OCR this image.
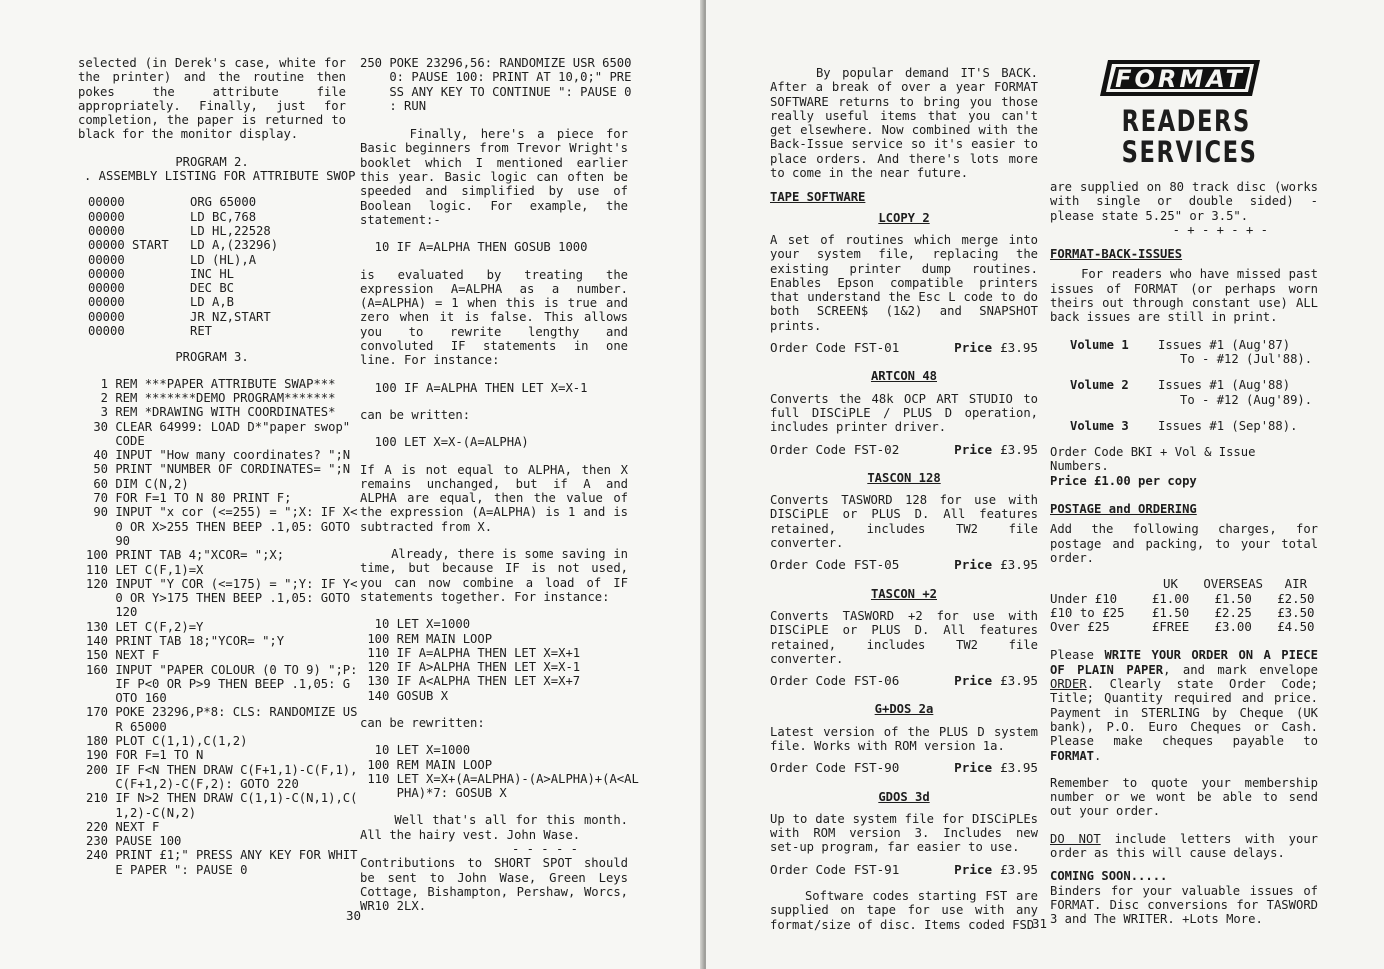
selected (in Derek's case, white for the printer) and the routine then pokes the attribute file appropriately. Finally, just for completion, the paper is returned to black for the monitor display.

PROGRAM 2.
. ASSEMBLY LISTING FOR ATTRIBUTE SWOP
00000	ORG 65000
00000	LD BC,768
00000	LD HL,22528
00000 START	LD A,(23296)
00000	LD (HL),A
00000	INC HL
00000	DEC BC
00000	LD A,B
00000	JR NZ,START
00000	RET
PROGRAM 3.
1 REM ***PAPER ATTRIBUTE SWAP***
2 REM *******DEMO PROGRAM*******
3 REM *DRAWING WITH COORDINATES*
30 CLEAR 64999: LOAD D*"paper swop"
CODE
40 INPUT "How many coordinates? ";N
50 PRINT "NUMBER OF CORDINATES= ";N
60 DIM C(N,2)
70 FOR F=1 TO N 80 PRINT F;
90 INPUT "x cor (<=255) = ";X: IF X<
0 OR X>255 THEN BEEP .1,05: GOTO
90
100 PRINT TAB 4;"XCOR= ";X;
110 LET C(F,1)=X
120 INPUT "Y COR (<=175) = ";Y: IF Y<
0 OR Y>175 THEN BEEP .1,05: GOTO
120
130 LET C(F,2)=Y
140 PRINT TAB 18;"YCOR= ";Y
150 NEXT F
160 INPUT "PAPER COLOUR (0 TO 9) ";P:
IF P<0 OR P>9 THEN BEEP .1,05: G
OTO 160
170 POKE 23296,P*8: CLS: RANDOMIZE US
R 65000
180 PLOT C(1,1),C(1,2)
190 FOR F=1 TO N
200 IF F<N THEN DRAW C(F+1,1)-C(F,1),
C(F+1,2)-C(F,2): GOTO 220
210 IF N>2 THEN DRAW C(1,1)-C(N,1),C(
1,2)-C(N,2)
220 NEXT F
230 PAUSE 100
240 PRINT £1;" PRESS ANY KEY FOR WHIT
E PAPER ": PAUSE 0
250 POKE 23296,56: RANDOMIZE USR 6500
0: PAUSE 100: PRINT AT 10,0;" PRE
SS ANY KEY TO CONTINUE ": PAUSE 0
: RUN

Finally, here's a piece for Basic beginners from Trevor Wright's booklet which I mentioned earlier this year. Basic logic can often be speeded and simplified by use of Boolean logic. For example, the statement:-

10 IF A=ALPHA THEN GOSUB 1000

is evaluated by treating the expression A=ALPHA as a number. (A=ALPHA) = 1 when this is true and zero when it is false. This allows you to rewrite lengthy and convoluted IF statements in one line. For instance:

100 IF A=ALPHA THEN LET X=X-1

can be written:

100 LET X=X-(A=ALPHA)

If A is not equal to ALPHA, then X remains unchanged, but if A and ALPHA are equal, then the value of the expression (A=ALPHA) is 1 and is subtracted from X.

Already, there is some saving in time, but because IF is not used, you can now combine a load of IF statements together. For instance:

10 LET X=1000
100 REM MAIN LOOP
110 IF A=ALPHA THEN LET X=X+1
120 IF A>ALPHA THEN LET X=X-1
130 IF A<ALPHA THEN LET X=X+7
140 GOSUB X

can be rewritten:

10 LET X=1000
100 REM MAIN LOOP
110 LET X=X+(A=ALPHA)-(A>ALPHA)+(A<AL
PHA)*7: GOSUB X

Well that's all for this month.  All the hairy vest. John Wase.

- - - - -

Contributions to SHORT SPOT should be sent to John Wase, Green Leys Cottage, Bishampton, Pershaw, Worcs, WR10 2LX.

30

By popular demand IT'S BACK. After a break of over a year FORMAT SOFTWARE returns to bring you those really useful items that you can't get elsewhere. Now combined with the Back-Issue service so it's easier to place orders. And there's lots more to come in the near future.

TAPE SOFTWARE
LCOPY 2

A set of routines which merge into your system file, replacing the existing printer dump routines. Enables Epson compatible printers that understand the Esc L code to do both SCREEN$ (1&2) and SNAPSHOT prints.

Order Code FST-01	Price £3.95
ARTCON 48

Converts the 48k OCP ART STUDIO to full DISCiPLE / PLUS D operation, includes printer driver.

Order Code FST-02	Price £3.95
TASCON 128

Converts TASWORD 128 for use with DISCiPLE or PLUS D. All features retained, includes TW2 file converter.

Order Code FST-05	Price £3.95
TASCON +2

Converts TASWORD +2 for use with DISCiPLE or PLUS D. All features retained, includes TW2 file converter.

Order Code FST-06	Price £3.95
G+DOS 2a

Latest version of the PLUS D system file. Works with ROM version 1a.

Order Code FST-90	Price £3.95
GDOS 3d

Up to date system file for DISCiPLEs with ROM version 3. Includes new set-up program, far easier to use.

Order Code FST-91	Price £3.95

Software codes starting FST are supplied on tape for use with any format/size of disc. Items coded FSD

FORMAT
READERS SERVICES

are supplied on 80 track disc (works with single or double sided) - please state 5.25" or 3.5".

- + - + - + -
FORMAT-BACK-ISSUES

For readers who have missed past issues of FORMAT (or perhaps worn theirs out through constant use) ALL back issues are still in print.

Volume 1	Issues #1 (Aug'87)
To - #12 (Jul'88).
Volume 2	Issues #1 (Aug'88)
To - #12 (Aug'89).
Volume 3	Issues #1 (Sep'88).
Order Code BKI + Vol & Issue Numbers.
Price £1.00 per copy
POSTAGE and ORDERING

Add the following charges, for postage and packing, to your total order.

	UK	OVERSEAS	AIR
Under £10	£1.00	£1.50	£2.50
£10 to £25	£1.50	£2.25	£3.50
Over £25	£FREE	£3.00	£4.50

Please WRITE YOUR ORDER ON A PIECE OF PLAIN PAPER, and mark envelope ORDER. Clearly state Order Code; Title; Quantity required and price. Payment in STERLING by Cheque (UK bank), P.O. Euro Cheques or Cash. Please make cheques payable to FORMAT.

Remember to quote your membership number or we wont be able to send out your order.

DO NOT include letters with your order as this will cause delays.

COMING SOON.....

Binders for your valuable issues of FORMAT. Disc conversions for TASWORD 3 and The WRITER. +Lots More.

31
